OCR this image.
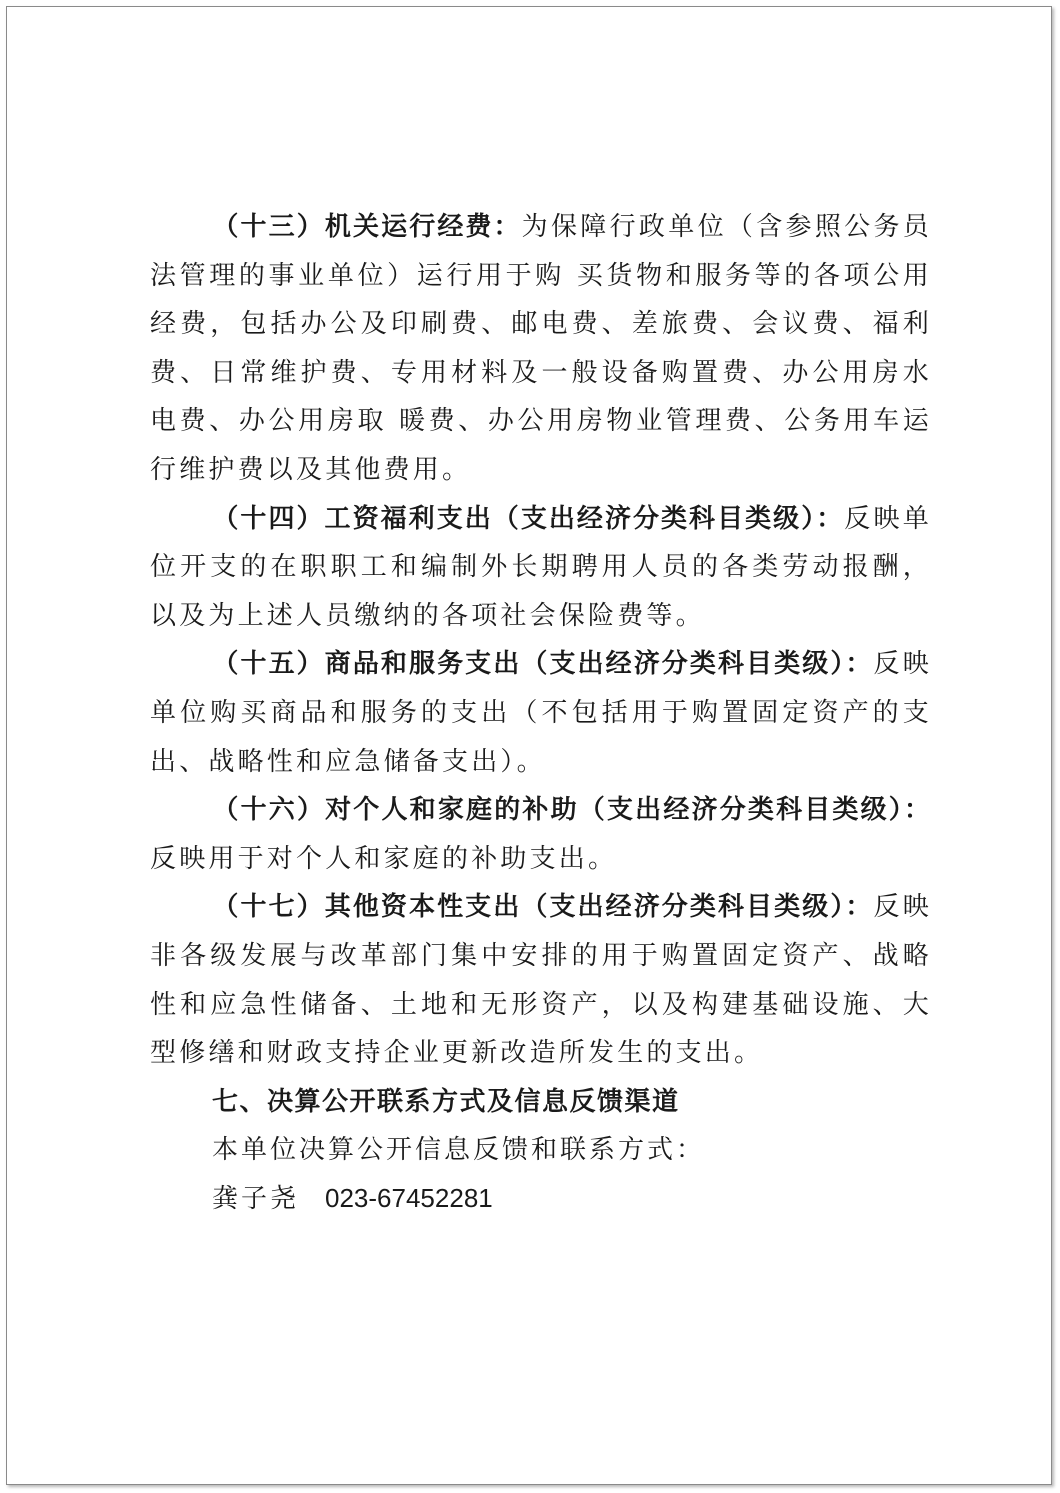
（十三）机关运行经费：为保障行政单位（含参照公务员法管理的事业单位）运行用于购 买货物和服务等的各项公用经费，包括办公及印刷费、邮电费、差旅费、会议费、福利费、日常维护费、专用材料及一般设备购置费、办公用房水电费、办公用房取 暖费、办公用房物业管理费、公务用车运行维护费以及其他费用。

（十四）工资福利支出（支出经济分类科目类级）：反映单位开支的在职职工和编制外长期聘用人员的各类劳动报酬，以及为上述人员缴纳的各项社会保险费等。

（十五）商品和服务支出（支出经济分类科目类级）：反映单位购买商品和服务的支出（不包括用于购置固定资产的支出、战略性和应急储备支出）。

（十六）对个人和家庭的补助（支出经济分类科目类级）：反映用于对个人和家庭的补助支出。

（十七）其他资本性支出（支出经济分类科目类级）：反映非各级发展与改革部门集中安排的用于购置固定资产、战略性和应急性储备、土地和无形资产，以及构建基础设施、大型修缮和财政支持企业更新改造所发生的支出。

七、决算公开联系方式及信息反馈渠道

本单位决算公开信息反馈和联系方式：

龚子尧 023-67452281
